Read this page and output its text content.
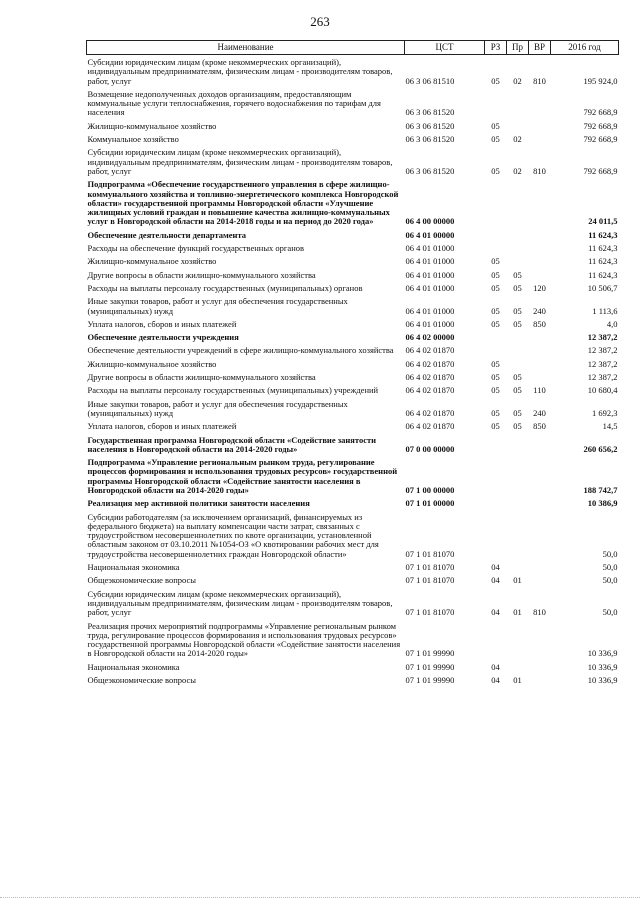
263
Наименование	ЦСТ	РЗ	Пр	ВР	2016 год
Субсидии юридическим лицам (кроме некоммерческих организаций), индивидуальным предпринимателям, физическим лицам - производителям товаров, работ, услуг	06 3 06 81510	05	02	810	195 924,0
Возмещение недополученных доходов организациям, предоставляющим коммунальные услуги теплоснабжения, горячего водоснабжения по тарифам для населения	06 3 06 81520				792 668,9
Жилищно-коммунальное хозяйство	06 3 06 81520	05			792 668,9
Коммунальное хозяйство	06 3 06 81520	05	02		792 668,9
Субсидии юридическим лицам (кроме некоммерческих организаций), индивидуальным предпринимателям, физическим лицам - производителям товаров, работ, услуг	06 3 06 81520	05	02	810	792 668,9
Подпрограмма «Обеспечение государственного управления в сфере жилищно-коммунального хозяйства и топливно-энергетического комплекса Новгородской области» государственной программы Новгородской области «Улучшение жилищных условий граждан и повышение качества жилищно-коммунальных услуг в Новгородской области на 2014-2018 годы и на период до 2020 года»	06 4 00 00000				24 011,5
Обеспечение деятельности департамента	06 4 01 00000				11 624,3
Расходы на обеспечение функций государственных органов	06 4 01 01000				11 624,3
Жилищно-коммунальное хозяйство	06 4 01 01000	05			11 624,3
Другие вопросы в области жилищно-коммунального хозяйства	06 4 01 01000	05	05		11 624,3
Расходы на выплаты персоналу государственных (муниципальных) органов	06 4 01 01000	05	05	120	10 506,7
Иные закупки товаров, работ и услуг для обеспечения государственных (муниципальных) нужд	06 4 01 01000	05	05	240	1 113,6
Уплата налогов, сборов и иных платежей	06 4 01 01000	05	05	850	4,0
Обеспечение деятельности учреждения	06 4 02 00000				12 387,2
Обеспечение деятельности учреждений в сфере жилищно-коммунального хозяйства	06 4 02 01870				12 387,2
Жилищно-коммунальное хозяйство	06 4 02 01870	05			12 387,2
Другие вопросы в области жилищно-коммунального хозяйства	06 4 02 01870	05	05		12 387,2
Расходы на выплаты персоналу государственных (муниципальных) учреждений	06 4 02 01870	05	05	110	10 680,4
Иные закупки товаров, работ и услуг для обеспечения государственных (муниципальных) нужд	06 4 02 01870	05	05	240	1 692,3
Уплата налогов, сборов и иных платежей	06 4 02 01870	05	05	850	14,5
Государственная программа Новгородской области «Содействие занятости населения в Новгородской области на 2014-2020 годы»	07 0 00 00000				260 656,2
Подпрограмма «Управление региональным рынком труда, регулирование процессов формирования и использования трудовых ресурсов» государственной программы Новгородской области «Содействие занятости населения в Новгородской области на 2014-2020 годы»	07 1 00 00000				188 742,7
Реализация мер активной политики занятости населения	07 1 01 00000				10 386,9
Субсидии работодателям (за исключением организаций, финансируемых из федерального бюджета) на выплату компенсации части затрат, связанных с трудоустройством несовершеннолетних по квоте организации, установленной областным законом от 03.10.2011 №1054-ОЗ «О квотировании рабочих мест для трудоустройства несовершеннолетних граждан Новгородской области»	07 1 01 81070				50,0
Национальная экономика	07 1 01 81070	04			50,0
Общеэкономические вопросы	07 1 01 81070	04	01		50,0
Субсидии юридическим лицам (кроме некоммерческих организаций), индивидуальным предпринимателям, физическим лицам - производителям товаров, работ, услуг	07 1 01 81070	04	01	810	50,0
Реализация прочих мероприятий подпрограммы «Управление региональным рынком труда, регулирование процессов формирования и использования трудовых ресурсов» государственной программы Новгородской области «Содействие занятости населения в Новгородской области на 2014-2020 годы»	07 1 01 99990				10 336,9
Национальная экономика	07 1 01 99990	04			10 336,9
Общеэкономические вопросы	07 1 01 99990	04	01		10 336,9
